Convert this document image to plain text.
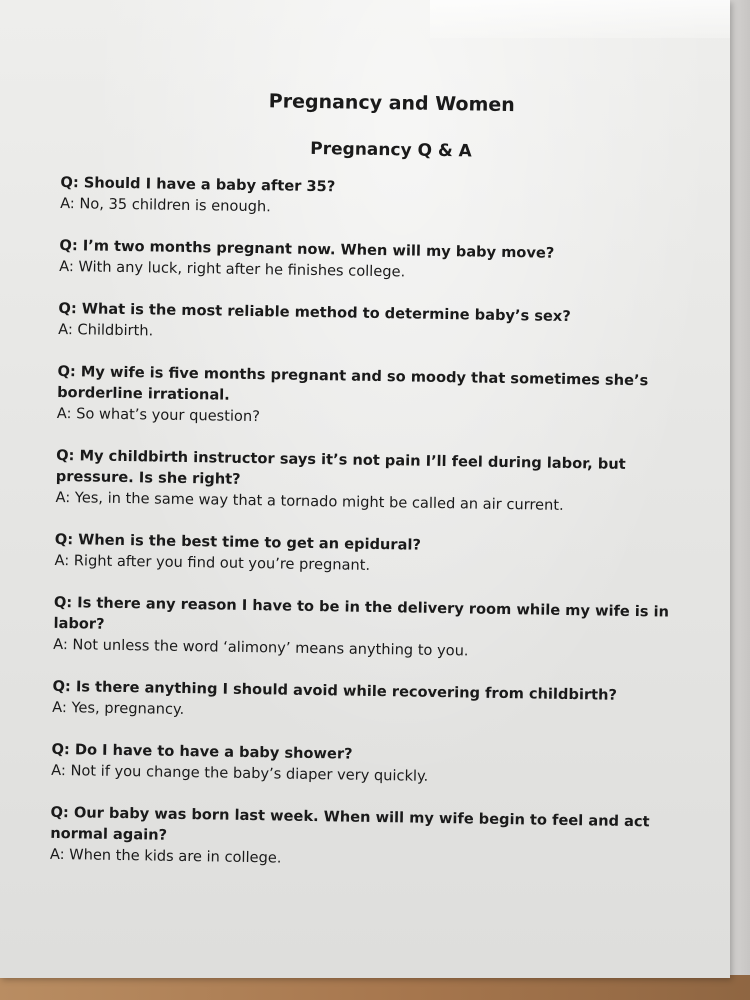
Pregnancy and Women
Pregnancy Q & A
Q: Should I have a baby after 35?
A: No, 35 children is enough.
Q: I’m two months pregnant now. When will my baby move?
A: With any luck, right after he finishes college.
Q: What is the most reliable method to determine baby’s sex?
A: Childbirth.
Q: My wife is five months pregnant and so moody that sometimes she’s borderline irrational.
A: So what’s your question?
Q: My childbirth instructor says it’s not pain I’ll feel during labor, but pressure. Is she right?
A: Yes, in the same way that a tornado might be called an air current.
Q: When is the best time to get an epidural?
A: Right after you find out you’re pregnant.
Q: Is there any reason I have to be in the delivery room while my wife is in labor?
A: Not unless the word ‘alimony’ means anything to you.
Q: Is there anything I should avoid while recovering from childbirth?
A: Yes, pregnancy.
Q: Do I have to have a baby shower?
A: Not if you change the baby’s diaper very quickly.
Q: Our baby was born last week. When will my wife begin to feel and act normal again?
A: When the kids are in college.
